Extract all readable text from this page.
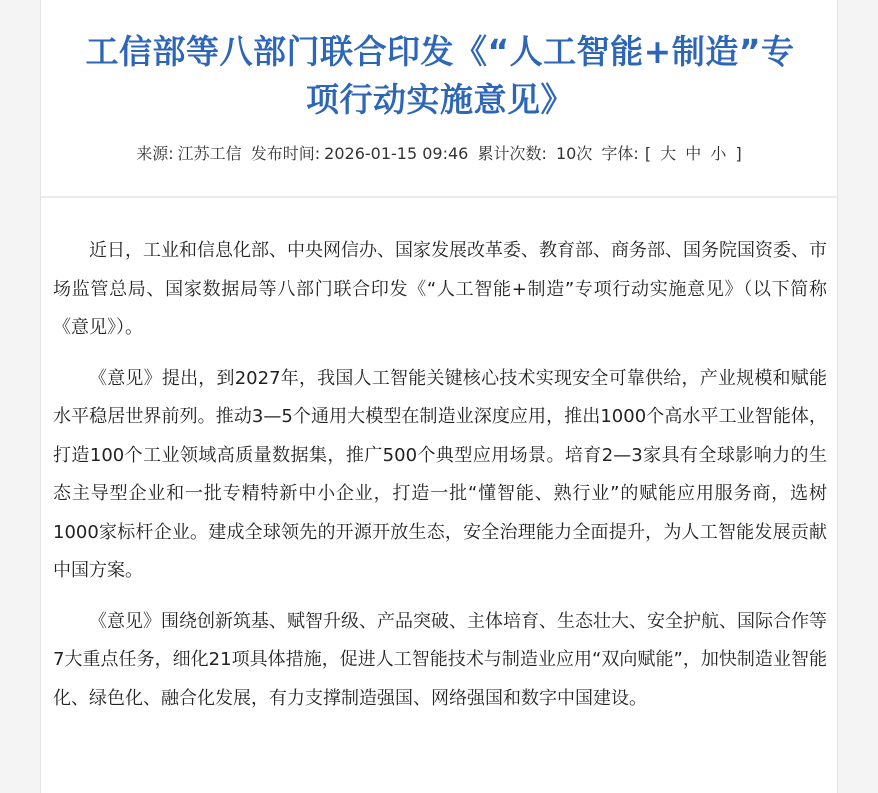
工信部等八部门联合印发《“人工智能+制造”专
项行动实施意见》
来源: 江苏工信 发布时间: 2026-01-15 09:46 累计次数: 10次 字体: [ 大 中 小 ]

近日，工业和信息化部、中央网信办、国家发展改革委、教育部、商务部、国务院国资委、市场监管总局、国家数据局等八部门联合印发《“人工智能+制造”专项行动实施意见》（以下简称《意见》）。

《意见》提出，到2027年，我国人工智能关键核心技术实现安全可靠供给，产业规模和赋能水平稳居世界前列。推动3—5个通用大模型在制造业深度应用，推出1000个高水平工业智能体，打造100个工业领域高质量数据集，推广500个典型应用场景。培育2—3家具有全球影响力的生态主导型企业和一批专精特新中小企业，打造一批“懂智能、熟行业”的赋能应用服务商，选树1000家标杆企业。建成全球领先的开源开放生态，安全治理能力全面提升，为人工智能发展贡献中国方案。

《意见》围绕创新筑基、赋智升级、产品突破、主体培育、生态壮大、安全护航、国际合作等7大重点任务，细化21项具体措施，促进人工智能技术与制造业应用“双向赋能”，加快制造业智能化、绿色化、融合化发展，有力支撑制造强国、网络强国和数字中国建设。
